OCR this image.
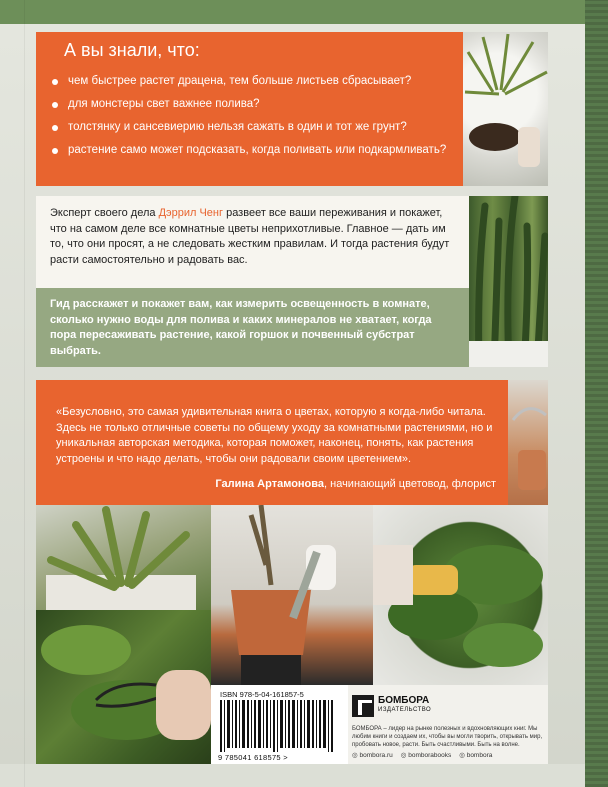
А вы знали, что:
чем быстрее растет драцена, тем больше листьев сбрасывает?
для монстеры свет важнее полива?
толстянку и сансевиерию нельзя сажать в один и тот же грунт?
растение само может подсказать, когда поливать или подкармливать?
Эксперт своего дела Дэррил Ченг развеет все ваши переживания и покажет, что на самом деле все комнатные цветы неприхотливые. Главное — дать им то, что они просят, а не следовать жестким правилам. И тогда растения будут расти самостоятельно и радовать вас.
Гид расскажет и покажет вам, как измерить освещенность в комнате, сколько нужно воды для полива и каких минералов не хватает, когда пора пересаживать растение, какой горшок и почвенный субстрат выбрать.
«Безусловно, это самая удивительная книга о цветах, которую я когда-либо читала. Здесь не только отличные советы по общему уходу за комнатными растениями, но и уникальная авторская методика, которая поможет, наконец, понять, как растения устроены и что надо делать, чтобы они радовали своим цветением».
Галина Артамонова, начинающий цветовод, флорист
ISBN 978-5-04-161857-5
9 785041 618575 >
БОМБОРА
ИЗДАТЕЛЬСТВО
БОМБОРА – лидер на рынке полезных и вдохновляющих книг. Мы любим книги и создаем их, чтобы вы могли творить, открывать мир, пробовать новое, расти. Быть счастливыми. Быть на волне.
◎ bombora.ru ◎ bomborabooks ◎ bombora
